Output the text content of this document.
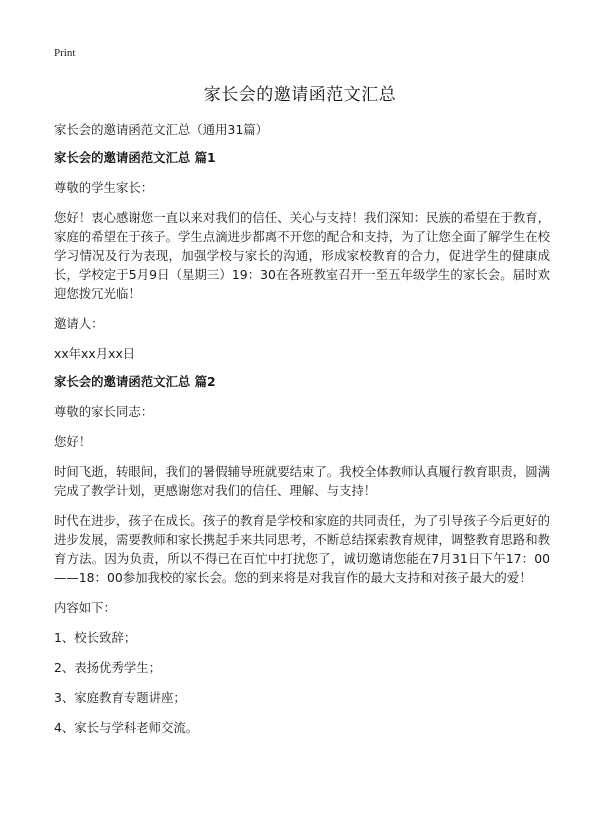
Print
家长会的邀请函范文汇总

家长会的邀请函范文汇总（通用31篇）

家长会的邀请函范文汇总 篇1

尊敬的学生家长：

您好！衷心感谢您一直以来对我们的信任、关心与支持！我们深知：民族的希望在于教育，家庭的希望在于孩子。学生点滴进步都离不开您的配合和支持，为了让您全面了解学生在校学习情况及行为表现，加强学校与家长的沟通，形成家校教育的合力，促进学生的健康成长，学校定于5月9日（星期三）19：30在各班教室召开一至五年级学生的家长会。届时欢迎您拨冗光临！

邀请人：

xx年xx月xx日

家长会的邀请函范文汇总 篇2

尊敬的家长同志：

您好！

时间飞逝，转眼间，我们的暑假辅导班就要结束了。我校全体教师认真履行教育职责，圆满完成了教学计划，更感谢您对我们的信任、理解、与支持！

时代在进步，孩子在成长。孩子的教育是学校和家庭的共同责任，为了引导孩子今后更好的进步发展，需要教师和家长携起手来共同思考，不断总结探索教育规律，调整教育思路和教育方法。因为负责，所以不得已在百忙中打扰您了，诚切邀请您能在7月31日下午17：00——18：00参加我校的家长会。您的到来将是对我盲作的最大支持和对孩子最大的爱！

内容如下：

1、校长致辞；

2、表扬优秀学生；

3、家庭教育专题讲座；

4、家长与学科老师交流。
